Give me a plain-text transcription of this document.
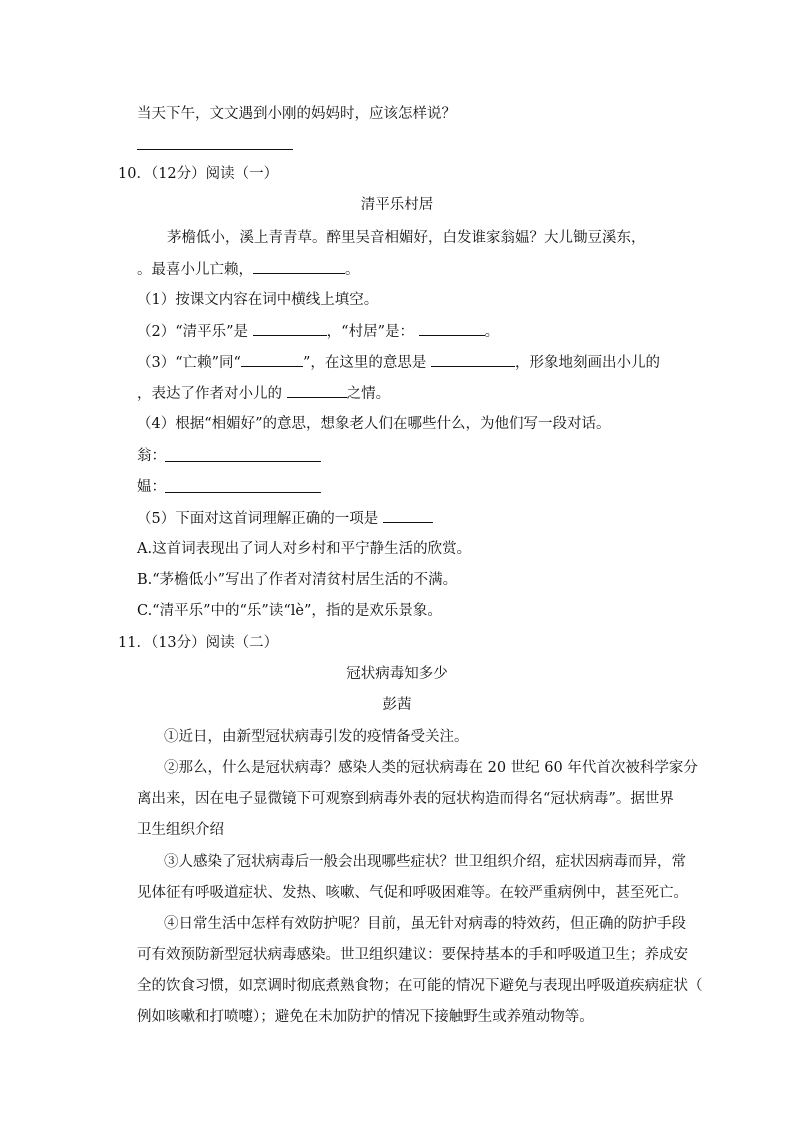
当天下午，文文遇到小刚的妈妈时，应该怎样说？
10．（12分）阅读（一）
清平乐村居
茅檐低小，溪上青青草。醉里吴音相媚好，白发谁家翁媪？大儿锄豆溪东，
。最喜小儿亡赖，	。
（1）按课文内容在词中横线上填空。
（2）“清平乐”是	，“村居”是：	。
（3）“亡赖”同“	”，在这里的意思是	，形象地刻画出小儿的
，表达了作者对小儿的	之情。
（4）根据“相媚好”的意思，想象老人们在哪些什么，为他们写一段对话。
翁：
媪：
（5）下面对这首词理解正确的一项是
A.这首词表现出了词人对乡村和平宁静生活的欣赏。
B.“茅檐低小”写出了作者对清贫村居生活的不满。
C.“清平乐”中的“乐”读“lè”，指的是欢乐景象。
11．（13分）阅读（二）
冠状病毒知多少
彭茜
①近日，由新型冠状病毒引发的疫情备受关注。
②那么，什么是冠状病毒？感染人类的冠状病毒在 20 世纪 60 年代首次被科学家分
离出来，因在电子显微镜下可观察到病毒外表的冠状构造而得名“冠状病毒”。据世界
卫生组织介绍
③人感染了冠状病毒后一般会出现哪些症状？世卫组织介绍，症状因病毒而异，常
见体征有呼吸道症状、发热、咳嗽、气促和呼吸困难等。在较严重病例中，甚至死亡。
④日常生活中怎样有效防护呢？目前，虽无针对病毒的特效药，但正确的防护手段
可有效预防新型冠状病毒感染。世卫组织建议：要保持基本的手和呼吸道卫生；养成安
全的饮食习惯，如烹调时彻底煮熟食物；在可能的情况下避免与表现出呼吸道疾病症状（
例如咳嗽和打喷嚏）；避免在未加防护的情况下接触野生或养殖动物等。
